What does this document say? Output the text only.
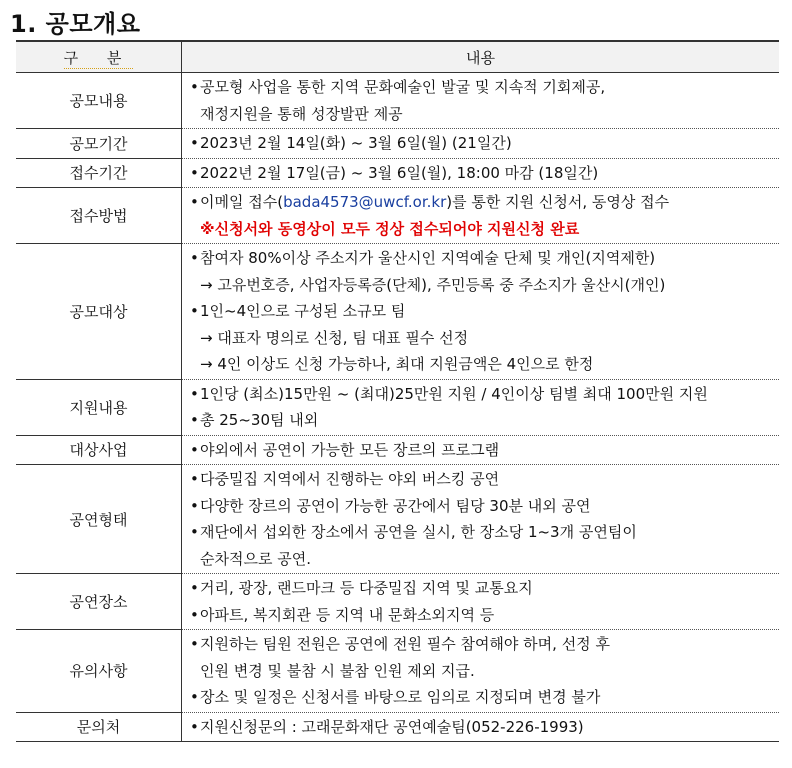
1. 공모개요
구 분	내용
공모내용	• 공모형 사업을 통한 지역 문화예술인 발굴 및 지속적 기회제공,
재정지원을 통해 성장발판 제공

공모기간	• 2023년 2월 14일(화) ~ 3월 6일(월) (21일간)

접수기간	• 2022년 2월 17일(금) ~ 3월 6일(월), 18:00 마감 (18일간)

접수방법	• 이메일 접수(bada4573@uwcf.or.kr)를 통한 지원 신청서, 동영상 접수
※신청서와 동영상이 모두 정상 접수되어야 지원신청 완료

공모대상	• 참여자 80%이상 주소지가 울산시인 지역예술 단체 및 개인(지역제한)
→ 고유번호증, 사업자등록증(단체), 주민등록 중 주소지가 울산시(개인)
• 1인~4인으로 구성된 소규모 팀
→ 대표자 명의로 신청, 팀 대표 필수 선정
→ 4인 이상도 신청 가능하나, 최대 지원금액은 4인으로 한정

지원내용	• 1인당 (최소)15만원 ~ (최대)25만원 지원 / 4인이상 팀별 최대 100만원 지원
• 총 25~30팀 내외

대상사업	• 야외에서 공연이 가능한 모든 장르의 프로그램

공연형태	• 다중밀집 지역에서 진행하는 야외 버스킹 공연
• 다양한 장르의 공연이 가능한 공간에서 팀당 30분 내외 공연
• 재단에서 섭외한 장소에서 공연을 실시, 한 장소당 1~3개 공연팀이
순차적으로 공연.

공연장소	• 거리, 광장, 랜드마크 등 다중밀집 지역 및 교통요지
• 아파트, 복지회관 등 지역 내 문화소외지역 등

유의사항	• 지원하는 팀원 전원은 공연에 전원 필수 참여해야 하며, 선정 후
인원 변경 및 불참 시 불참 인원 제외 지급.
• 장소 및 일정은 신청서를 바탕으로 임의로 지정되며 변경 불가

문의처	• 지원신청문의 : 고래문화재단 공연예술팀(052-226-1993)
